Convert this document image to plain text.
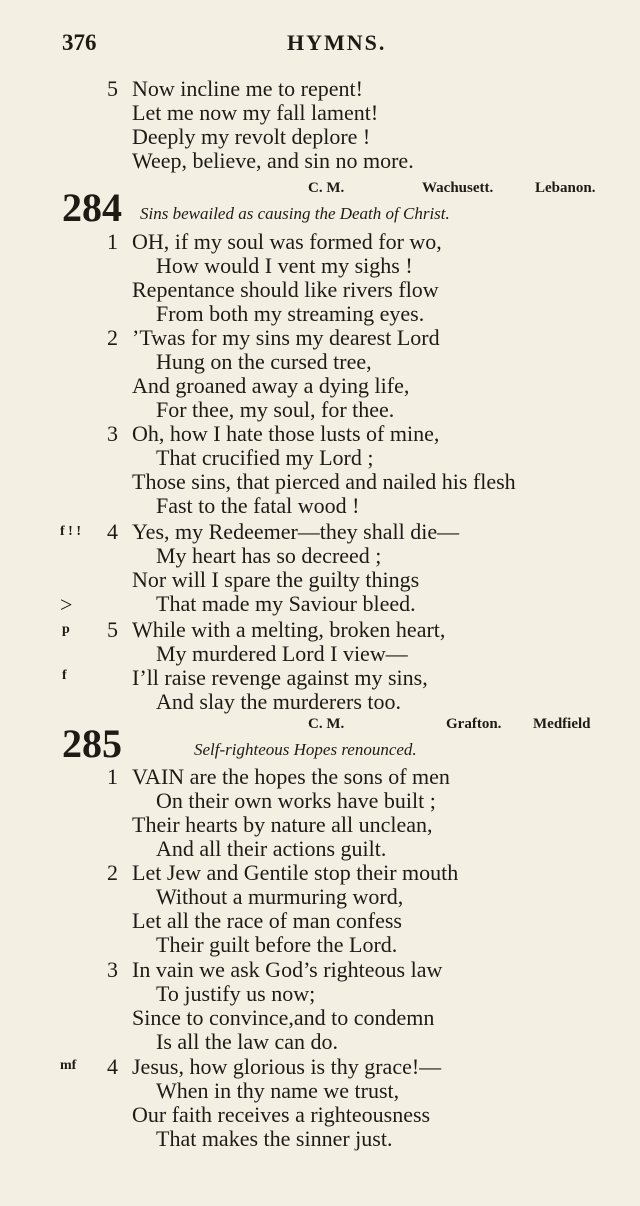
376	HYMNS.
5 Now incline me to repent!
Let me now my fall lament!
Deeply my revolt deplore !
Weep, believe, and sin no more.
C. M.	Wachusett.	Lebanon.
284 Sins bewailed as causing the Death of Christ.
1 OH, if my soul was formed for wo,
How would I vent my sighs !
Repentance should like rivers flow
From both my streaming eyes.
2 ’Twas for my sins my dearest Lord
Hung on the cursed tree,
And groaned away a dying life,
For thee, my soul, for thee.
3 Oh, how I hate those lusts of mine,
That crucified my Lord ;
Those sins, that pierced and nailed his flesh
Fast to the fatal wood !
f ! ! 4 Yes, my Redeemer—they shall die—
My heart has so decreed ;
Nor will I spare the guilty things
>	That made my Saviour bleed.
p 5 While with a melting, broken heart,
My murdered Lord I view—
f	I’ll raise revenge against my sins,
And slay the murderers too.
C. M.	Grafton. Medfield
285	Self-righteous Hopes renounced.
1 VAIN are the hopes the sons of men
On their own works have built ;
Their hearts by nature all unclean,
And all their actions guilt.
2 Let Jew and Gentile stop their mouth
Without a murmuring word,
Let all the race of man confess
Their guilt before the Lord.
3 In vain we ask God’s righteous law
To justify us now;
Since to convince,and to condemn
Is all the law can do.
mf 4 Jesus, how glorious is thy grace!—
When in thy name we trust,
Our faith receives a righteousness
That makes the sinner just.
